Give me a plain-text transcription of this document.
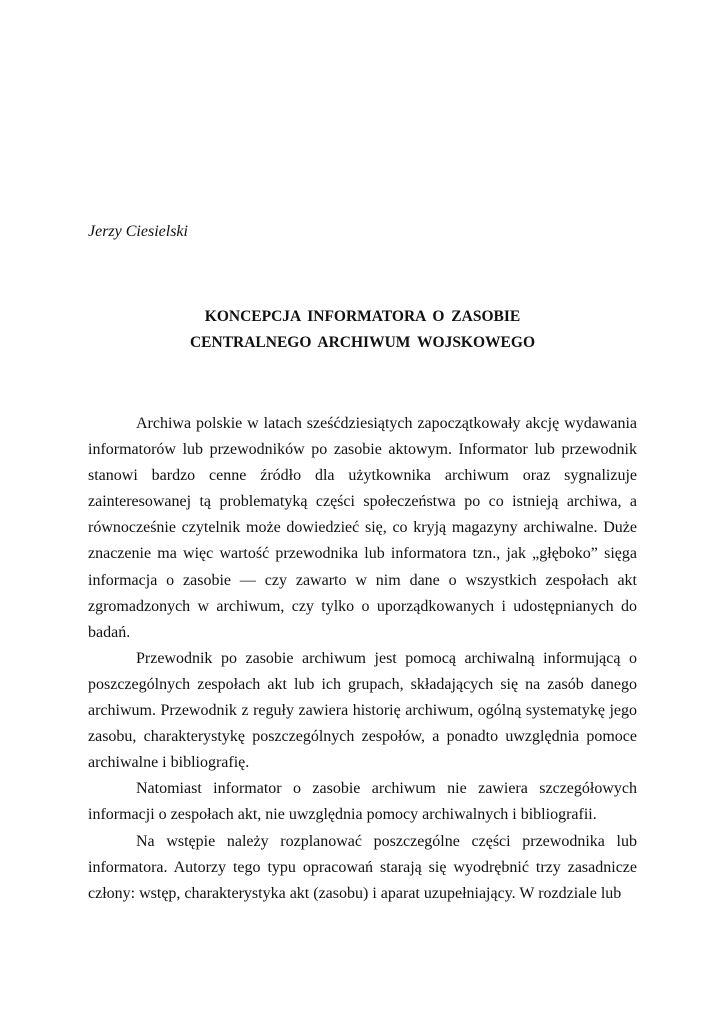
Jerzy Ciesielski
KONCEPCJA INFORMATORA O ZASOBIE
CENTRALNEGO ARCHIWUM WOJSKOWEGO

Archiwa polskie w latach sześćdziesiątych zapoczątkowały akcję wydawania informatorów lub przewodników po zasobie aktowym. Informator lub przewodnik stanowi bardzo cenne źródło dla użytkownika archiwum oraz sygnalizuje zainteresowanej tą problematyką części społeczeństwa po co istnieją archiwa, a równocześnie czytelnik może dowiedzieć się, co kryją magazyny archiwalne. Duże znaczenie ma więc wartość przewodnika lub informatora tzn., jak „głęboko” sięga informacja o zasobie — czy zawarto w nim dane o wszystkich zespołach akt zgromadzonych w archiwum, czy tylko o uporządkowanych i udostępnianych do badań.

Przewodnik po zasobie archiwum jest pomocą archiwalną informującą o poszczególnych zespołach akt lub ich grupach, składających się na zasób danego archiwum. Przewodnik z reguły zawiera historię archiwum, ogólną systematykę jego zasobu, charakterystykę poszczególnych zespołów, a ponadto uwzględnia pomoce archiwalne i bibliografię.

Natomiast informator o zasobie archiwum nie zawiera szczegółowych informacji o zespołach akt, nie uwzględnia pomocy archiwalnych i bibliografii.

Na wstępie należy rozplanować poszczególne części przewodnika lub informatora. Autorzy tego typu opracowań starają się wyodrębnić trzy zasadnicze człony: wstęp, charakterystyka akt (zasobu) i aparat uzupełniający. W rozdziale lub
